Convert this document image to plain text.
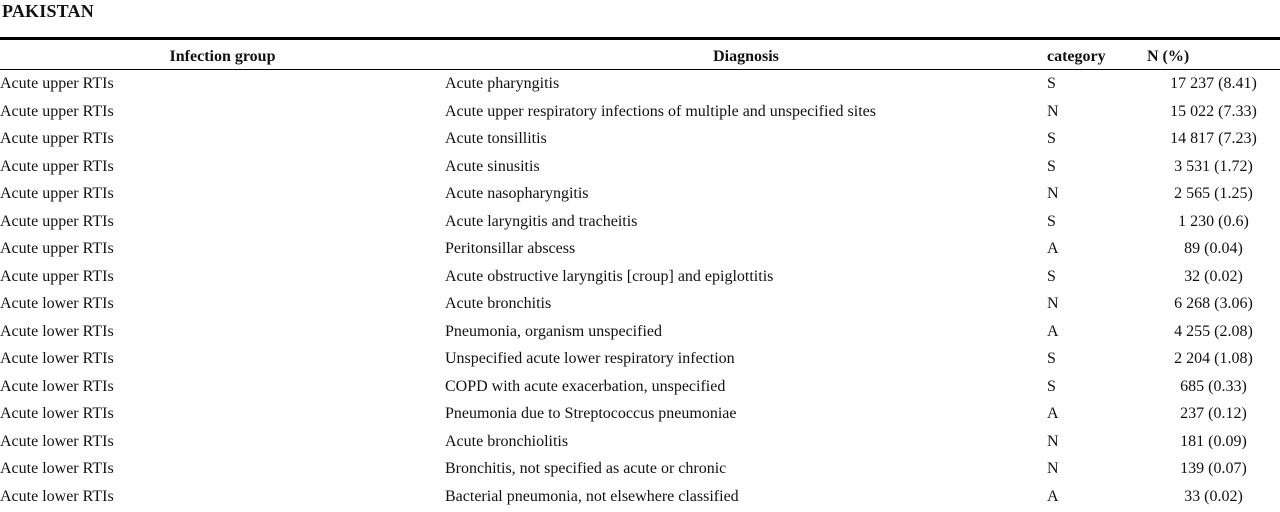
PAKISTAN
Infection group	Diagnosis	category	N (%)
Acute upper RTIs	Acute pharyngitis	S	17 237 (8.41)
Acute upper RTIs	Acute upper respiratory infections of multiple and unspecified sites	N	15 022 (7.33)
Acute upper RTIs	Acute tonsillitis	S	14 817 (7.23)
Acute upper RTIs	Acute sinusitis	S	3 531 (1.72)
Acute upper RTIs	Acute nasopharyngitis	N	2 565 (1.25)
Acute upper RTIs	Acute laryngitis and tracheitis	S	1 230 (0.6)
Acute upper RTIs	Peritonsillar abscess	A	89 (0.04)
Acute upper RTIs	Acute obstructive laryngitis [croup] and epiglottitis	S	32 (0.02)
Acute lower RTIs	Acute bronchitis	N	6 268 (3.06)
Acute lower RTIs	Pneumonia, organism unspecified	A	4 255 (2.08)
Acute lower RTIs	Unspecified acute lower respiratory infection	S	2 204 (1.08)
Acute lower RTIs	COPD with acute exacerbation, unspecified	S	685 (0.33)
Acute lower RTIs	Pneumonia due to Streptococcus pneumoniae	A	237 (0.12)
Acute lower RTIs	Acute bronchiolitis	N	181 (0.09)
Acute lower RTIs	Bronchitis, not specified as acute or chronic	N	139 (0.07)
Acute lower RTIs	Bacterial pneumonia, not elsewhere classified	A	33 (0.02)
